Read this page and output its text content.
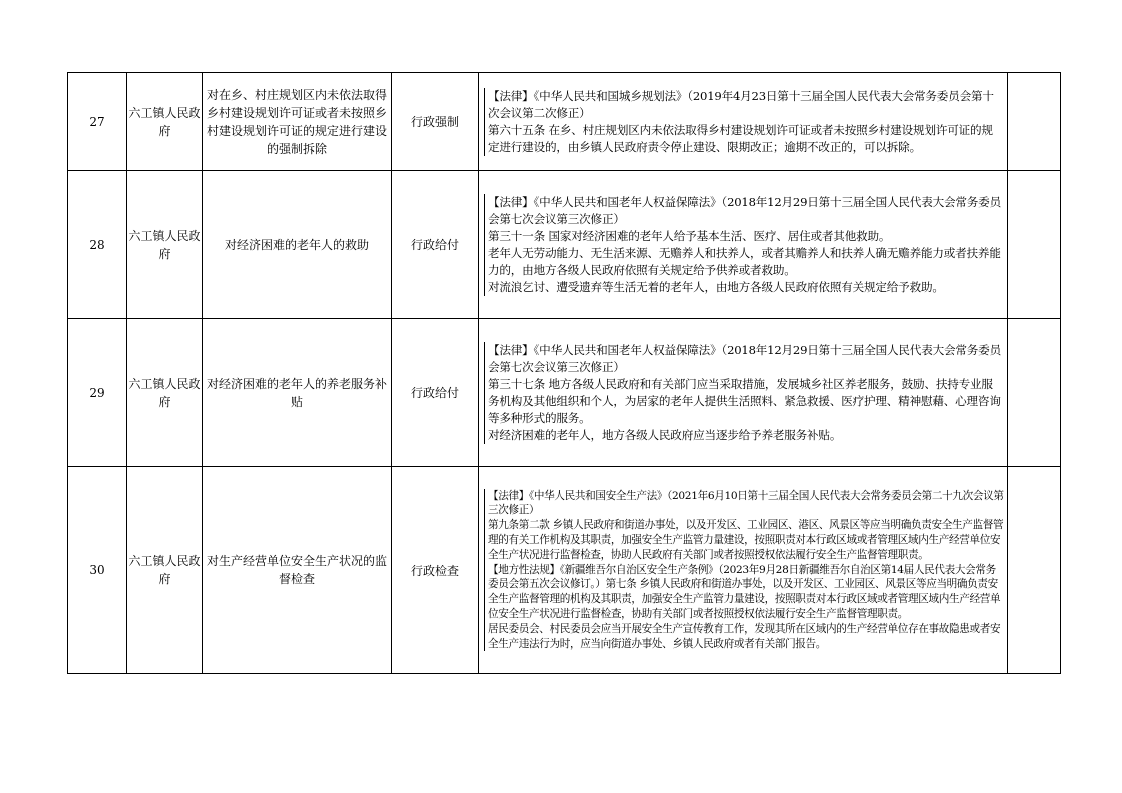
27	六工镇人民政府	对在乡、村庄规划区内未依法取得乡村建设规划许可证或者未按照乡村建设规划许可证的规定进行建设的强制拆除	行政强制	【法律】《中华人民共和国城乡规划法》（2019年4月23日第十三届全国人民代表大会常务委员会第十次会议第二次修正）
第六十五条 在乡、村庄规划区内未依法取得乡村建设规划许可证或者未按照乡村建设规划许可证的规定进行建设的，由乡镇人民政府责令停止建设、限期改正；逾期不改正的，可以拆除。	

28	六工镇人民政府	对经济困难的老年人的救助	行政给付	【法律】《中华人民共和国老年人权益保障法》（2018年12月29日第十三届全国人民代表大会常务委员会第七次会议第三次修正）
第三十一条 国家对经济困难的老年人给予基本生活、医疗、居住或者其他救助。
老年人无劳动能力、无生活来源、无赡养人和扶养人，或者其赡养人和扶养人确无赡养能力或者扶养能力的，由地方各级人民政府依照有关规定给予供养或者救助。
对流浪乞讨、遭受遗弃等生活无着的老年人，由地方各级人民政府依照有关规定给予救助。	

29	六工镇人民政府	对经济困难的老年人的养老服务补贴	行政给付	【法律】《中华人民共和国老年人权益保障法》（2018年12月29日第十三届全国人民代表大会常务委员会第七次会议第三次修正）
第三十七条 地方各级人民政府和有关部门应当采取措施，发展城乡社区养老服务，鼓励、扶持专业服务机构及其他组织和个人，为居家的老年人提供生活照料、紧急救援、医疗护理、精神慰藉、心理咨询等多种形式的服务。
对经济困难的老年人，地方各级人民政府应当逐步给予养老服务补贴。	

30	六工镇人民政府	对生产经营单位安全生产状况的监督检查	行政检查	【法律】《中华人民共和国安全生产法》（2021年6月10日第十三届全国人民代表大会常务委员会第二十九次会议第三次修正）
第九条第二款 乡镇人民政府和街道办事处，以及开发区、工业园区、港区、风景区等应当明确负责安全生产监督管理的有关工作机构及其职责，加强安全生产监管力量建设，按照职责对本行政区域或者管理区域内生产经营单位安全生产状况进行监督检查，协助人民政府有关部门或者按照授权依法履行安全生产监督管理职责。
【地方性法规】《新疆维吾尔自治区安全生产条例》（2023年9月28日新疆维吾尔自治区第14届人民代表大会常务委员会第五次会议修订。）第七条 乡镇人民政府和街道办事处，以及开发区、工业园区、风景区等应当明确负责安全生产监督管理的机构及其职责，加强安全生产监管力量建设，按照职责对本行政区域或者管理区域内生产经营单位安全生产状况进行监督检查，协助有关部门或者按照授权依法履行安全生产监督管理职责。
居民委员会、村民委员会应当开展安全生产宣传教育工作，发现其所在区域内的生产经营单位存在事故隐患或者安全生产违法行为时，应当向街道办事处、乡镇人民政府或者有关部门报告。	
